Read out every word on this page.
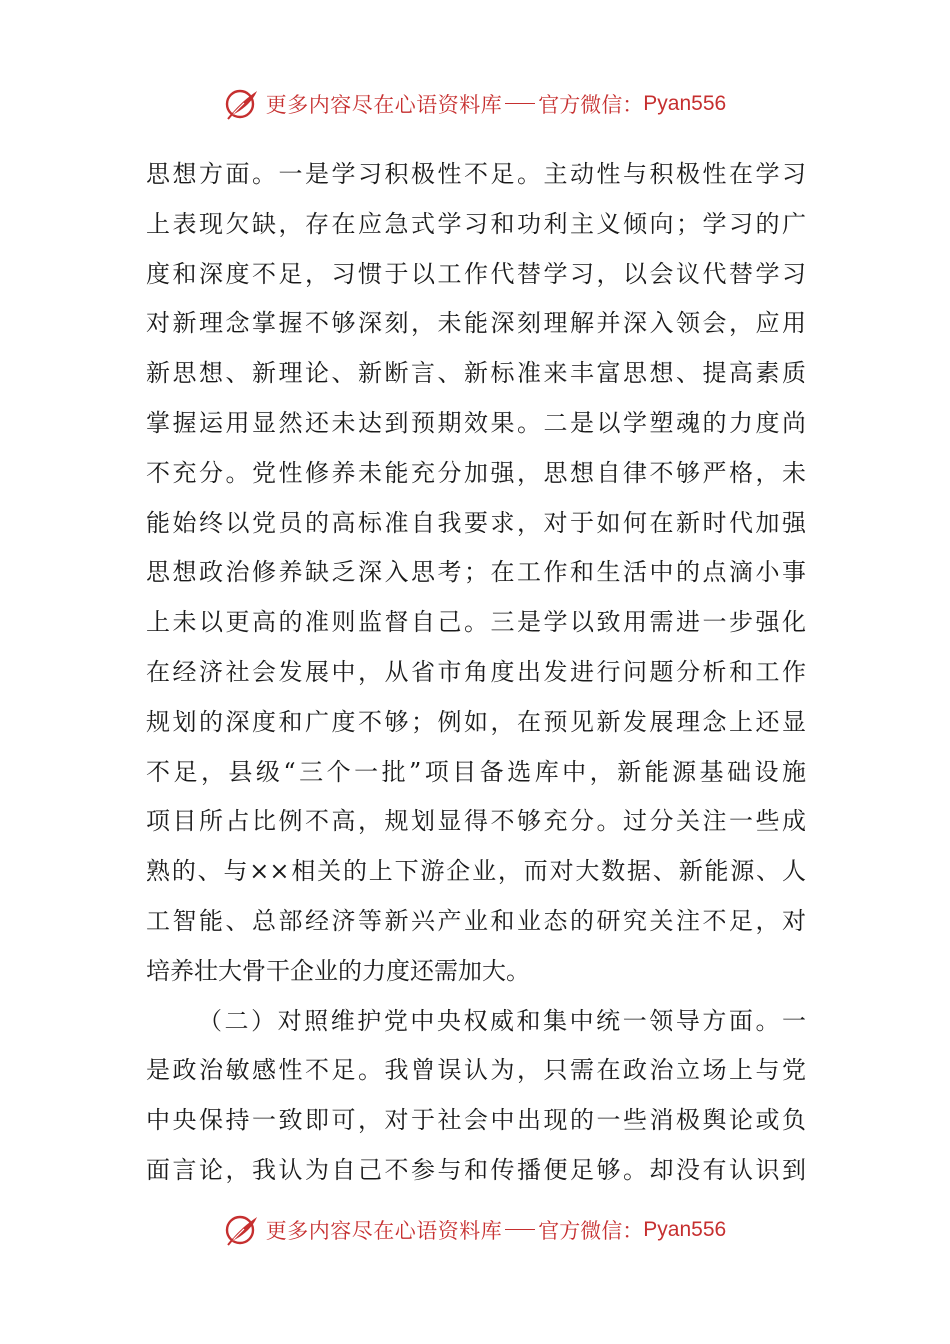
更多内容尽在心语资料库 官方微信： Pyan556
思想方面。一是学习积极性不足。主动性与积极性在学习
上表现欠缺，存在应急式学习和功利主义倾向；学习的广
度和深度不足，习惯于以工作代替学习，以会议代替学习
对新理念掌握不够深刻，未能深刻理解并深入领会，应用
新思想、新理论、新断言、新标准来丰富思想、提高素质
掌握运用显然还未达到预期效果。二是以学塑魂的力度尚
不充分。党性修养未能充分加强，思想自律不够严格，未
能始终以党员的高标准自我要求，对于如何在新时代加强
思想政治修养缺乏深入思考；在工作和生活中的点滴小事
上未以更高的准则监督自己。三是学以致用需进一步强化
在经济社会发展中，从省市角度出发进行问题分析和工作
规划的深度和广度不够；例如，在预见新发展理念上还显
不足，县级“三个一批”项目备选库中，新能源基础设施
项目所占比例不高，规划显得不够充分。过分关注一些成
熟的、与××相关的上下游企业，而对大数据、新能源、人
工智能、总部经济等新兴产业和业态的研究关注不足，对
培养壮大骨干企业的力度还需加大。
（二）对照维护党中央权威和集中统一领导方面。一
是政治敏感性不足。我曾误认为，只需在政治立场上与党
中央保持一致即可，对于社会中出现的一些消极舆论或负
面言论，我认为自己不参与和传播便足够。却没有认识到
更多内容尽在心语资料库 官方微信： Pyan556
